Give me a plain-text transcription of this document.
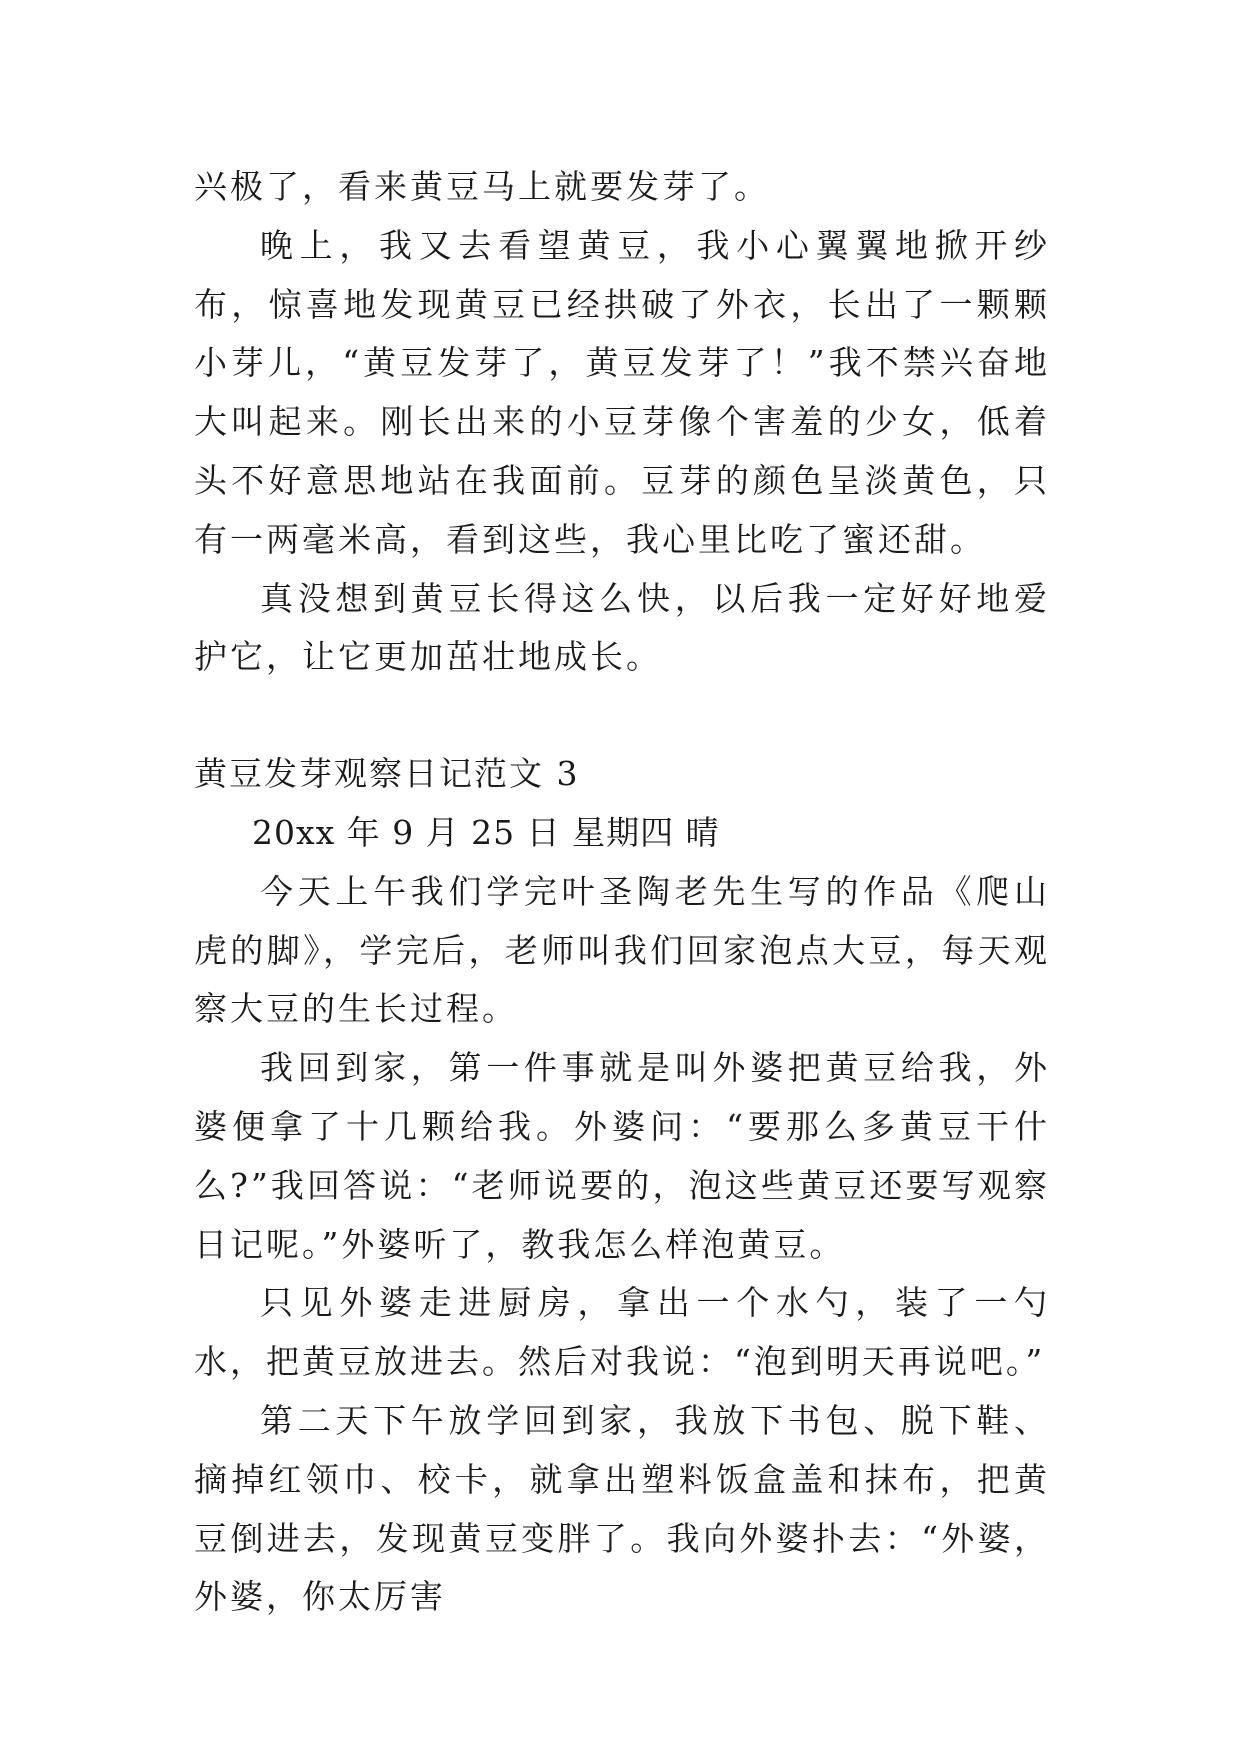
兴极了，看来黄豆马上就要发芽了。

晚上，我又去看望黄豆，我小心翼翼地掀开纱布，惊喜地发现黄豆已经拱破了外衣，长出了一颗颗小芽儿，“黄豆发芽了，黄豆发芽了！”我不禁兴奋地大叫起来。刚长出来的小豆芽像个害羞的少女，低着头不好意思地站在我面前。豆芽的颜色呈淡黄色，只有一两毫米高，看到这些，我心里比吃了蜜还甜。

真没想到黄豆长得这么快，以后我一定好好地爱护它，让它更加茁壮地成长。

黄豆发芽观察日记范文 3

20xx 年 9 月 25 日 星期四 晴

今天上午我们学完叶圣陶老先生写的作品《爬山虎的脚》，学完后，老师叫我们回家泡点大豆，每天观察大豆的生长过程。

我回到家，第一件事就是叫外婆把黄豆给我，外婆便拿了十几颗给我。外婆问：“要那么多黄豆干什么?”我回答说：“老师说要的，泡这些黄豆还要写观察日记呢。”外婆听了，教我怎么样泡黄豆。

只见外婆走进厨房，拿出一个水勺，装了一勺水，把黄豆放进去。然后对我说：“泡到明天再说吧。”

第二天下午放学回到家，我放下书包、脱下鞋、摘掉红领巾、校卡，就拿出塑料饭盒盖和抹布，把黄豆倒进去，发现黄豆变胖了。我向外婆扑去：“外婆，外婆，你太厉害
